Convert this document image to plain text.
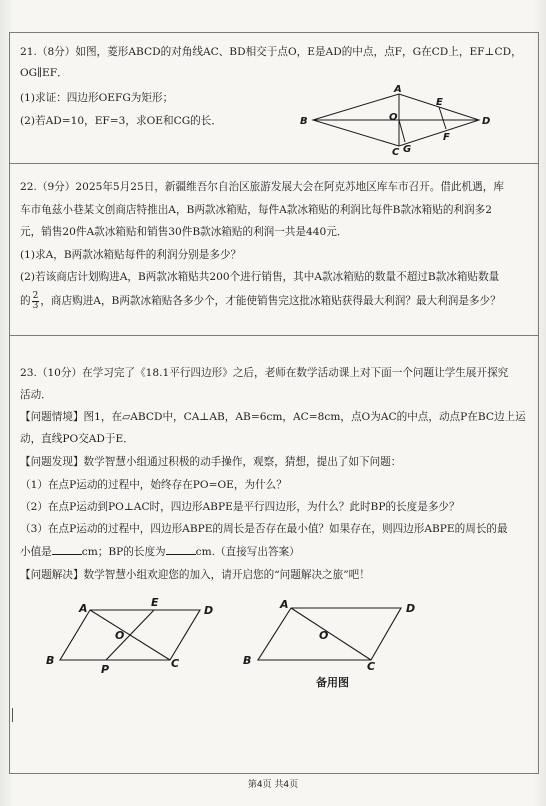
21.（8分）如图，菱形ABCD的对角线AC、BD相交于点O，E是AD的中点，点F，G在CD上，EF⊥CD，
OG∥EF．
(1)求证：四边形OEFG为矩形；
(2)若AD=10，EF=3，求OE和CG的长．	B
A
D
O
E
F
C G
22.（9分）2025年5月25日，新疆维吾尔自治区旅游发展大会在阿克苏地区库车市召开。借此机遇，库
车市龟兹小巷某文创商店特推出A，B两款冰箱贴，每件A款冰箱贴的利润比每件B款冰箱贴的利润多2
元，销售20件A款冰箱贴和销售30件B款冰箱贴的利润一共是440元．
(1)求A，B两款冰箱贴每件的利润分别是多少？
(2)若该商店计划购进A，B两款冰箱贴共200个进行销售，其中A款冰箱贴的数量不超过B款冰箱贴数量
的 $\frac{2}{3}$ ，商店购进A，B两款冰箱贴各多少个，才能使销售完这批冰箱贴获得最大利润？最大利润是多少？
23.（10分）在学习完了《18.1平行四边形》之后，老师在数学活动课上对下面一个问题让学生展开探究
活动．
【问题情境】图1，在▱ABCD中，CA⊥AB，AB=6cm，AC=8cm，点O为AC的中点，动点P在BC边上运
动，直线PO交AD于E．
【问题发现】数学智慧小组通过积极的动手操作，观察，猜想，提出了如下问题：
（1）在点P运动的过程中，始终存在PO=OE，为什么？
（2）在点P运动到PO⊥AC时，四边形ABPE是平行四边形，为什么？此时BP的长度是多少？
（3）在点P运动的过程中，四边形ABPE的周长是否存在最小值？如果存在，则四边形ABPE的周长的最
小值是	cm；BP的长度为	cm.（直接写出答案）
【问题解决】数学智慧小组欢迎您的加入，请开启您的“问题解决之旅”吧！
A	E
D
O
B
P	C
A	D
O
B	C
备用图
第4页 共4页
